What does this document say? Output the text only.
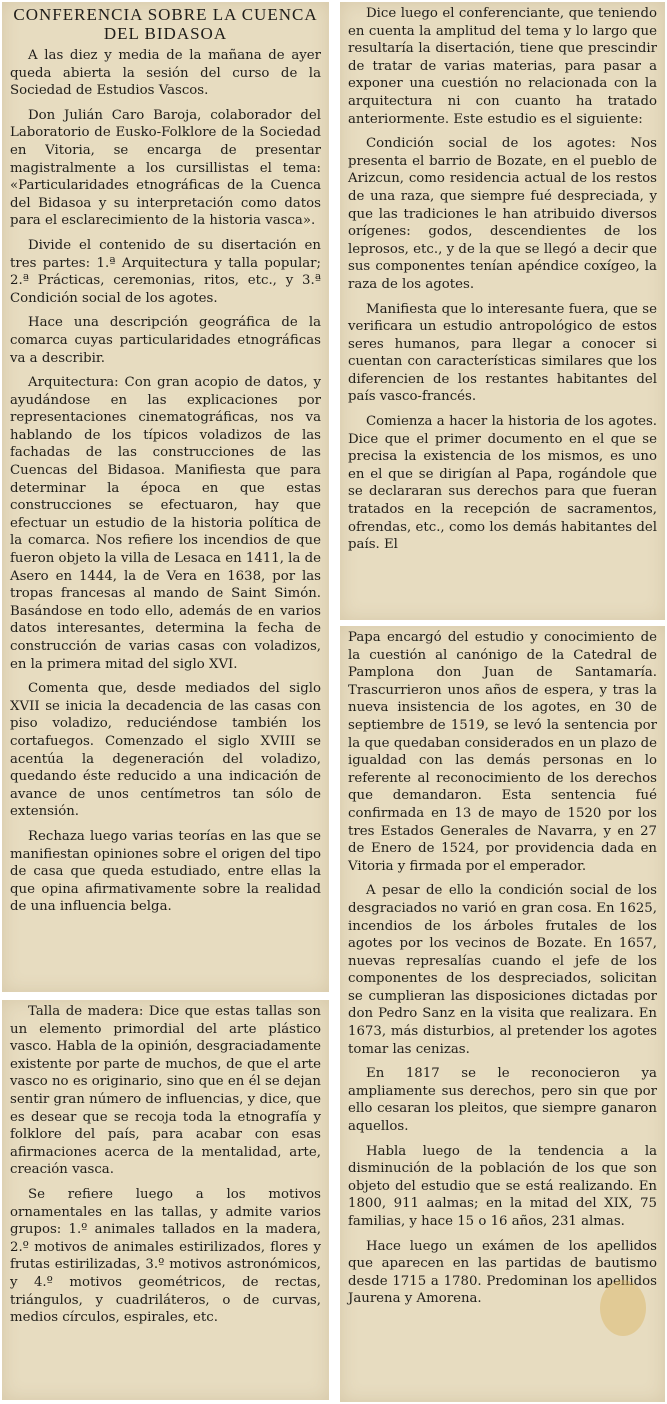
CONFERENCIA SOBRE LA CUENCA DEL BIDASOA

A las diez y media de la mañana de ayer queda abierta la sesión del curso de la Sociedad de Estudios Vascos.

Don Julián Caro Baroja, colaborador del Laboratorio de Eusko-Folklore de la Sociedad en Vitoria, se encarga de presentar magistralmente a los cursillistas el tema: «Particularidades etnográficas de la Cuenca del Bidasoa y su interpretación como datos para el esclarecimiento de la historia vasca».

Divide el contenido de su disertación en tres partes: 1.ª Arquitectura y talla popular; 2.ª Prácticas, ceremonias, ritos, etc., y 3.ª Condición social de los agotes.

Hace una descripción geográfica de la comarca cuyas particularidades etnográficas va a describir.

Arquitectura: Con gran acopio de datos, y ayudándose en las explicaciones por representaciones cinematográficas, nos va hablando de los típicos voladizos de las fachadas de las construcciones de las Cuencas del Bidasoa. Manifiesta que para determinar la época en que estas construcciones se efectuaron, hay que efectuar un estudio de la historia política de la comarca. Nos refiere los incendios de que fueron objeto la villa de Lesaca en 1411, la de Asero en 1444, la de Vera en 1638, por las tropas francesas al mando de Saint Simón. Basándose en todo ello, además de en varios datos interesantes, determina la fecha de construcción de varias casas con voladizos, en la primera mitad del siglo XVI.

Comenta que, desde mediados del siglo XVII se inicia la decadencia de las casas con piso voladizo, reduciéndose también los cortafuegos. Comenzado el siglo XVIII se acentúa la degeneración del voladizo, quedando éste reducido a una indicación de avance de unos centímetros tan sólo de extensión.

Rechaza luego varias teorías en las que se manifiestan opiniones sobre el origen del tipo de casa que queda estudiado, entre ellas la que opina afirmativamente sobre la realidad de una influencia belga.

Talla de madera: Dice que estas tallas son un elemento primordial del arte plástico vasco. Habla de la opinión, desgraciadamente existente por parte de muchos, de que el arte vasco no es originario, sino que en él se dejan sentir gran número de influencias, y dice, que es desear que se recoja toda la etnografía y folklore del país, para acabar con esas afirmaciones acerca de la mentalidad, arte, creación vasca.

Se refiere luego a los motivos ornamentales en las tallas, y admite varios grupos: 1.º animales tallados en la madera, 2.º motivos de animales estirilizados, flores y frutas estirilizadas, 3.º motivos astronómicos, y 4.º motivos geométricos, de rectas, triángulos, y cuadriláteros, o de curvas, medios círculos, espirales, etc.

Dice luego el conferenciante, que teniendo en cuenta la amplitud del tema y lo largo que resultaría la disertación, tiene que prescindir de tratar de varias materias, para pasar a exponer una cuestión no relacionada con la arquitectura ni con cuanto ha tratado anteriormente. Este estudio es el siguiente:

Condición social de los agotes: Nos presenta el barrio de Bozate, en el pueblo de Arizcun, como residencia actual de los restos de una raza, que siempre fué despreciada, y que las tradiciones le han atribuido diversos orígenes: godos, descendientes de los leprosos, etc., y de la que se llegó a decir que sus componentes tenían apéndice coxígeo, la raza de los agotes.

Manifiesta que lo interesante fuera, que se verificara un estudio antropológico de estos seres humanos, para llegar a conocer si cuentan con características similares que los diferencien de los restantes habitantes del país vasco-francés.

Comienza a hacer la historia de los agotes. Dice que el primer documento en el que se precisa la existencia de los mismos, es uno en el que se dirigían al Papa, rogándole que se declararan sus derechos para que fueran tratados en la recepción de sacramentos, ofrendas, etc., como los demás habitantes del país. El

Papa encargó del estudio y conocimiento de la cuestión al canónigo de la Catedral de Pamplona don Juan de Santamaría. Trascurrieron unos años de espera, y tras la nueva insistencia de los agotes, en 30 de septiembre de 1519, se levó la sentencia por la que quedaban considerados en un plazo de igualdad con las demás personas en lo referente al reconocimiento de los derechos que demandaron. Esta sentencia fué confirmada en 13 de mayo de 1520 por los tres Estados Generales de Navarra, y en 27 de Enero de 1524, por providencia dada en Vitoria y firmada por el emperador.

A pesar de ello la condición social de los desgraciados no varió en gran cosa. En 1625, incendios de los árboles frutales de los agotes por los vecinos de Bozate. En 1657, nuevas represalías cuando el jefe de los componentes de los despreciados, solicitan se cumplieran las disposiciones dictadas por don Pedro Sanz en la visita que realizara. En 1673, más disturbios, al pretender los agotes tomar las cenizas.

En 1817 se le reconocieron ya ampliamente sus derechos, pero sin que por ello cesaran los pleitos, que siempre ganaron aquellos.

Habla luego de la tendencia a la disminución de la población de los que son objeto del estudio que se está realizando. En 1800, 911 aalmas; en la mitad del XIX, 75 familias, y hace 15 o 16 años, 231 almas.

Hace luego un exámen de los apellidos que aparecen en las partidas de bautismo desde 1715 a 1780. Predominan los apellidos Jaurena y Amorena.
